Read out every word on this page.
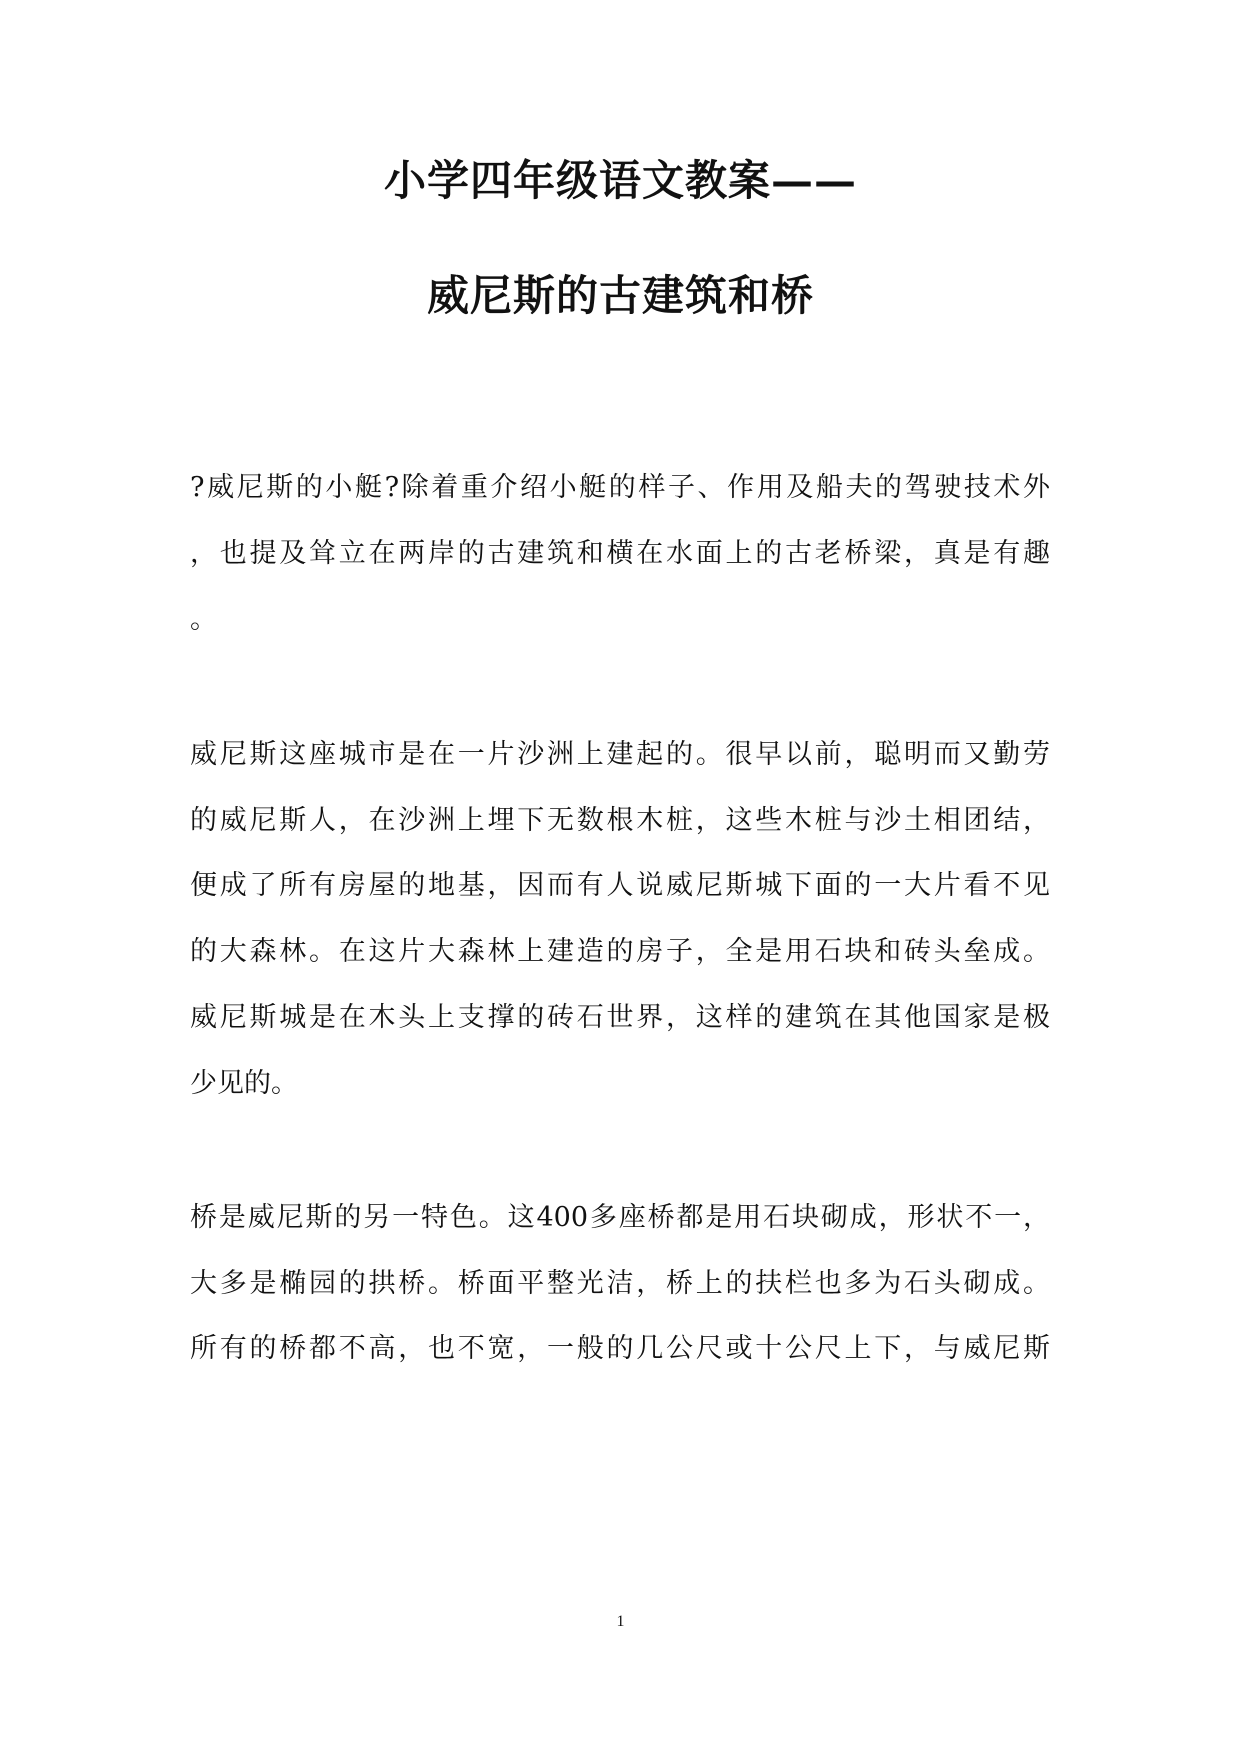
小学四年级语文教案——
威尼斯的古建筑和桥

?威尼斯的小艇?除着重介绍小艇的样子、作用及船夫的驾驶技术外

，也提及耸立在两岸的古建筑和横在水面上的古老桥梁，真是有趣

。

威尼斯这座城市是在一片沙洲上建起的。很早以前，聪明而又勤劳

的威尼斯人，在沙洲上埋下无数根木桩，这些木桩与沙土相团结，

便成了所有房屋的地基，因而有人说威尼斯城下面的一大片看不见

的大森林。在这片大森林上建造的房子，全是用石块和砖头垒成。

威尼斯城是在木头上支撑的砖石世界，这样的建筑在其他国家是极

少见的。

桥是威尼斯的另一特色。这400多座桥都是用石块砌成，形状不一，

大多是椭园的拱桥。桥面平整光洁，桥上的扶栏也多为石头砌成。

所有的桥都不高，也不宽，一般的几公尺或十公尺上下，与威尼斯

1
